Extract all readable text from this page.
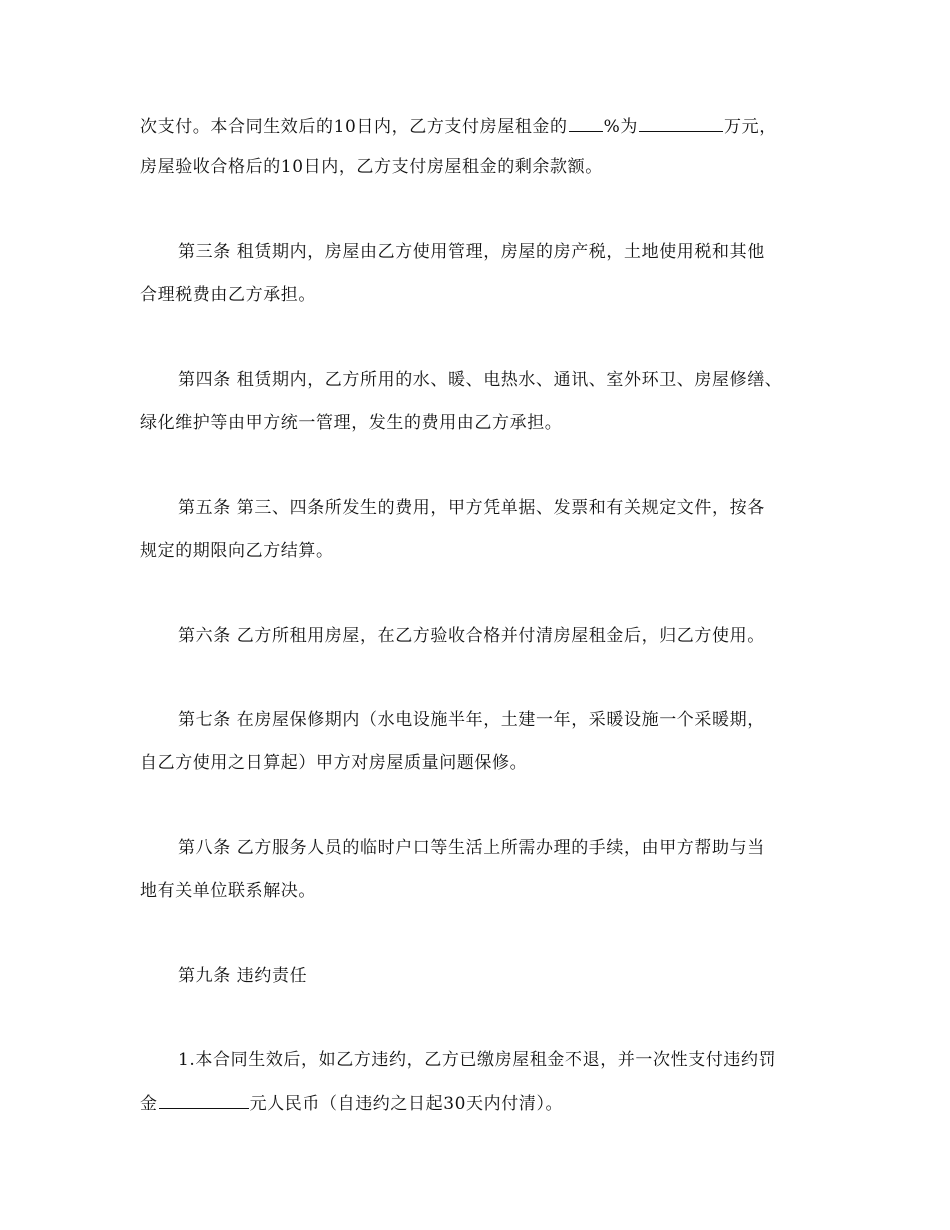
次支付。本合同生效后的10日内，乙方支付房屋租金的 %为	万元，
房屋验收合格后的10日内，乙方支付房屋租金的剩余款额。
第三条 租赁期内，房屋由乙方使用管理，房屋的房产税，土地使用税和其他
合理税费由乙方承担。
第四条 租赁期内，乙方所用的水、暖、电热水、通讯、室外环卫、房屋修缮、
绿化维护等由甲方统一管理，发生的费用由乙方承担。
第五条 第三、四条所发生的费用，甲方凭单据、发票和有关规定文件，按各
规定的期限向乙方结算。
第六条 乙方所租用房屋，在乙方验收合格并付清房屋租金后，归乙方使用。
第七条 在房屋保修期内（水电设施半年，土建一年，采暖设施一个采暖期，
自乙方使用之日算起）甲方对房屋质量问题保修。
第八条 乙方服务人员的临时户口等生活上所需办理的手续，由甲方帮助与当
地有关单位联系解决。
第九条 违约责任
1.本合同生效后，如乙方违约，乙方已缴房屋租金不退，并一次性支付违约罚
金	元人民币（自违约之日起30天内付清）。
